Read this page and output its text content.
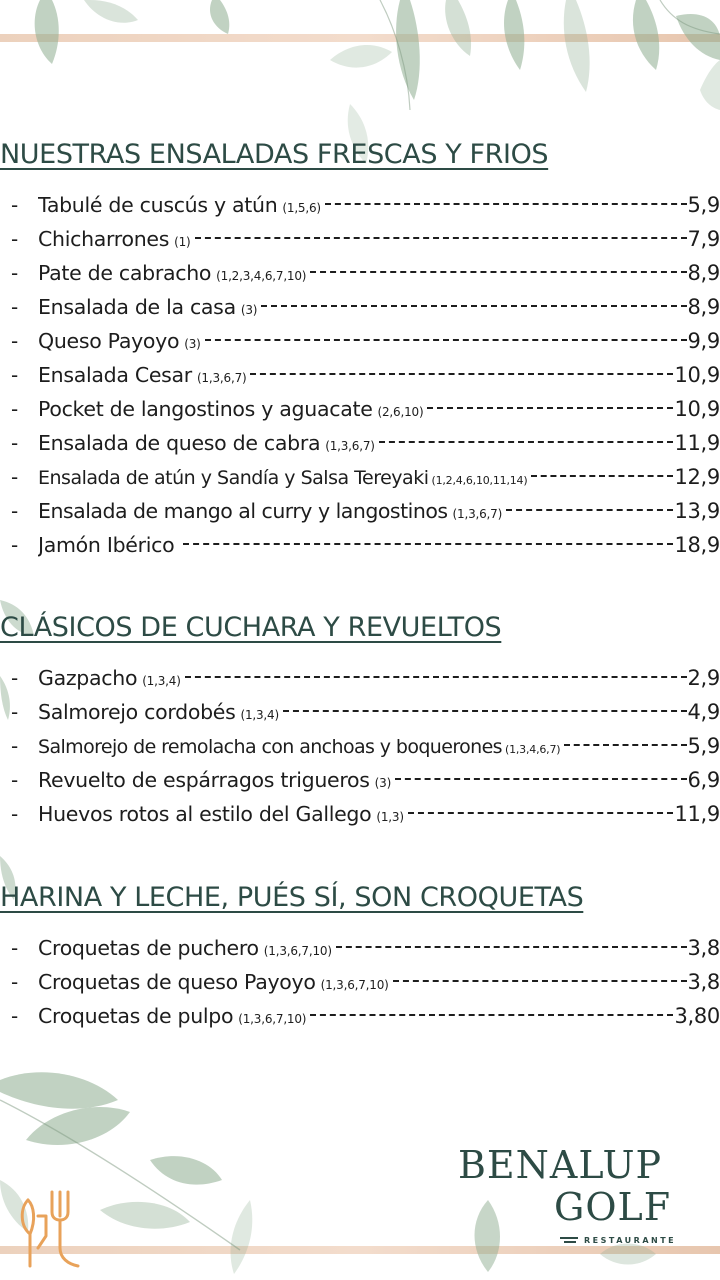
NUESTRAS ENSALADAS FRESCAS Y FRIOS
- Tabulé de cuscús y atún (1,5,6)	5,9
- Chicharrones (1)	7,9
- Pate de cabracho (1,2,3,4,6,7,10)	8,9
- Ensalada de la casa (3)	8,9
- Queso Payoyo (3)	9,9
- Ensalada Cesar (1,3,6,7)	10,9
- Pocket de langostinos y aguacate (2,6,10)	10,9
- Ensalada de queso de cabra (1,3,6,7)	11,9
- Ensalada de atún y Sandía y Salsa Tereyaki (1,2,4,6,10,11,14)	12,9
- Ensalada de mango al curry y langostinos (1,3,6,7)	13,9
- Jamón Ibérico	18,9
CLÁSICOS DE CUCHARA Y REVUELTOS
- Gazpacho (1,3,4)	2,9
- Salmorejo cordobés (1,3,4)	4,9
- Salmorejo de remolacha con anchoas y boquerones (1,3,4,6,7)	5,9
- Revuelto de espárragos trigueros (3)	6,9
- Huevos rotos al estilo del Gallego (1,3)	11,9
HARINA Y LECHE, PUÉS SÍ, SON CROQUETAS
- Croquetas de puchero (1,3,6,7,10)	3,8
- Croquetas de queso Payoyo (1,3,6,7,10)	3,8
- Croquetas de pulpo (1,3,6,7,10)	3,80
BENALUP
GOLF
RESTAURANTE
